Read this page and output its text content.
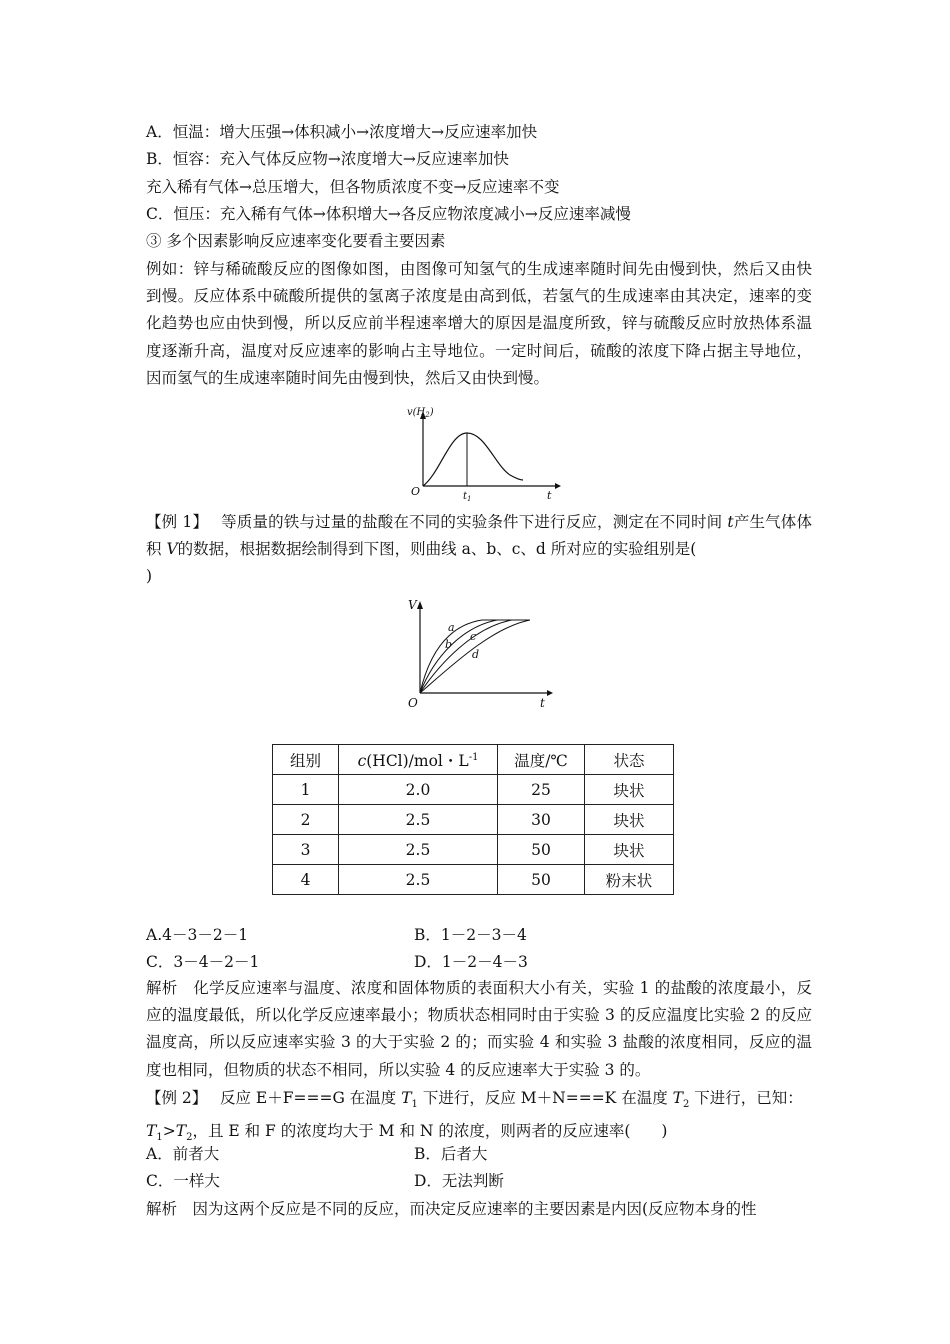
A．恒温：增大压强→体积减小→浓度增大→反应速率加快
B．恒容：充入气体反应物→浓度增大→反应速率加快
充入稀有气体→总压增大，但各物质浓度不变→反应速率不变
C．恒压：充入稀有气体→体积增大→各反应物浓度减小→反应速率减慢
③ 多个因素影响反应速率变化要看主要因素
例如：锌与稀硫酸反应的图像如图，由图像可知氢气的生成速率随时间先由慢到快，然后又由快到慢。反应体系中硫酸所提供的氢离子浓度是由高到低，若氢气的生成速率由其决定，速率的变化趋势也应由快到慢，所以反应前半程速率增大的原因是温度所致，锌与硫酸反应时放热体系温度逐渐升高，温度对反应速率的影响占主导地位。一定时间后，硫酸的浓度下降占据主导地位，因而氢气的生成速率随时间先由慢到快，然后又由快到慢。
$v(H_2)$
O	$t_1$	t
【例 1】　 等质量的铁与过量的盐酸在不同的实验条件下进行反应，测定在不同时间 t产生气体体积 V的数据，根据数据绘制得到下图，则曲线 a、b、c、d 所对应的实验组别是(
)
V
O	t
a
b
c
d
组别	c(HCl)/mol・$L^{-1}$	温度/℃	状态
1	2.0	25	块状
2	2.5	30	块状
3	2.5	50	块状
4	2.5	50	粉末状
A.4－3－2－1	B．1－2－3－4
C．3－4－2－1	D．1－2－4－3
解析　化学反应速率与温度、浓度和固体物质的表面积大小有关，实验 1 的盐酸的浓度最小，反应的温度最低，所以化学反应速率最小；物质状态相同时由于实验 3 的反应温度比实验 2 的反应温度高，所以反应速率实验 3 的大于实验 2 的；而实验 4 和实验 3 盐酸的浓度相同，反应的温度也相同，但物质的状态不相同，所以实验 4 的反应速率大于实验 3 的。
【例 2】　 反应 E＋F===G 在温度 $T_1$ 下进行，反应 M＋N===K 在温度 $T_2$ 下进行，已知：
$T_1>T_2$，且 E 和 F 的浓度均大于 M 和 N 的浓度，则两者的反应速率(　　)
A．前者大	B．后者大
C．一样大	D．无法判断
解析　因为这两个反应是不同的反应，而决定反应速率的主要因素是内因(反应物本身的性
